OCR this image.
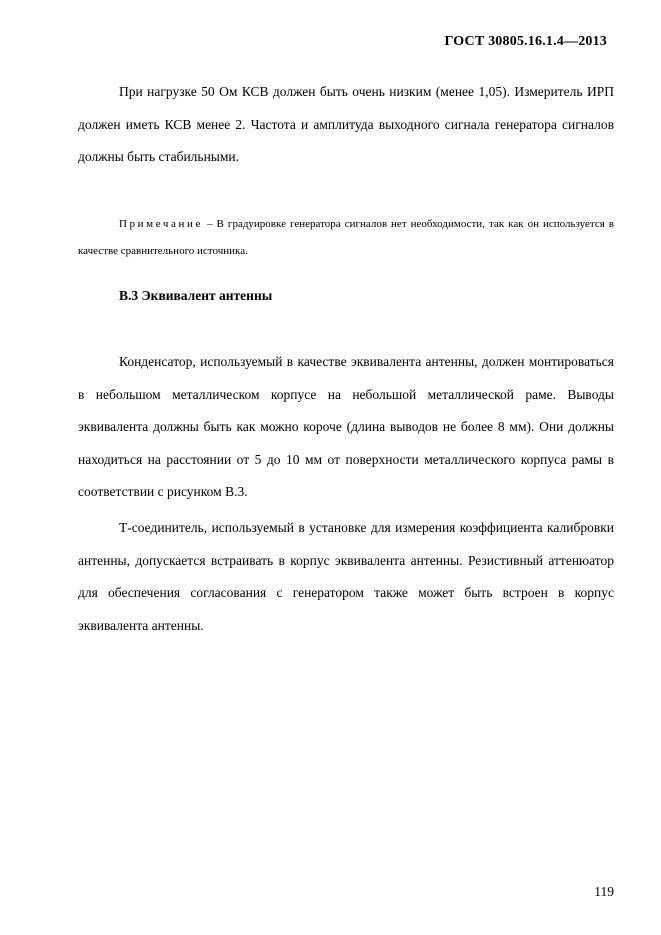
ГОСТ 30805.16.1.4—2013

При нагрузке 50 Ом КСВ должен быть очень низким (менее 1,05). Измеритель ИРП должен иметь КСВ менее 2. Частота и амплитуда выходного сигнала генератора сигналов должны быть стабильными.

Примечание – В градуировке генератора сигналов нет необходимости, так как он используется в качестве сравнительного источника.

В.3 Эквивалент антенны

Конденсатор, используемый в качестве эквивалента антенны, должен монтироваться в небольшом металлическом корпусе на небольшой металлической раме. Выводы эквивалента должны быть как можно короче (длина выводов не более 8 мм). Они должны находиться на расстоянии от 5 до 10 мм от поверхности металлического корпуса рамы в соответствии с рисунком В.3.

Т-соединитель, используемый в установке для измерения коэффициента калибровки антенны, допускается встраивать в корпус эквивалента антенны. Резистивный аттенюатор для обеспечения согласования с генератором также может быть встроен в корпус эквивалента антенны.

119
